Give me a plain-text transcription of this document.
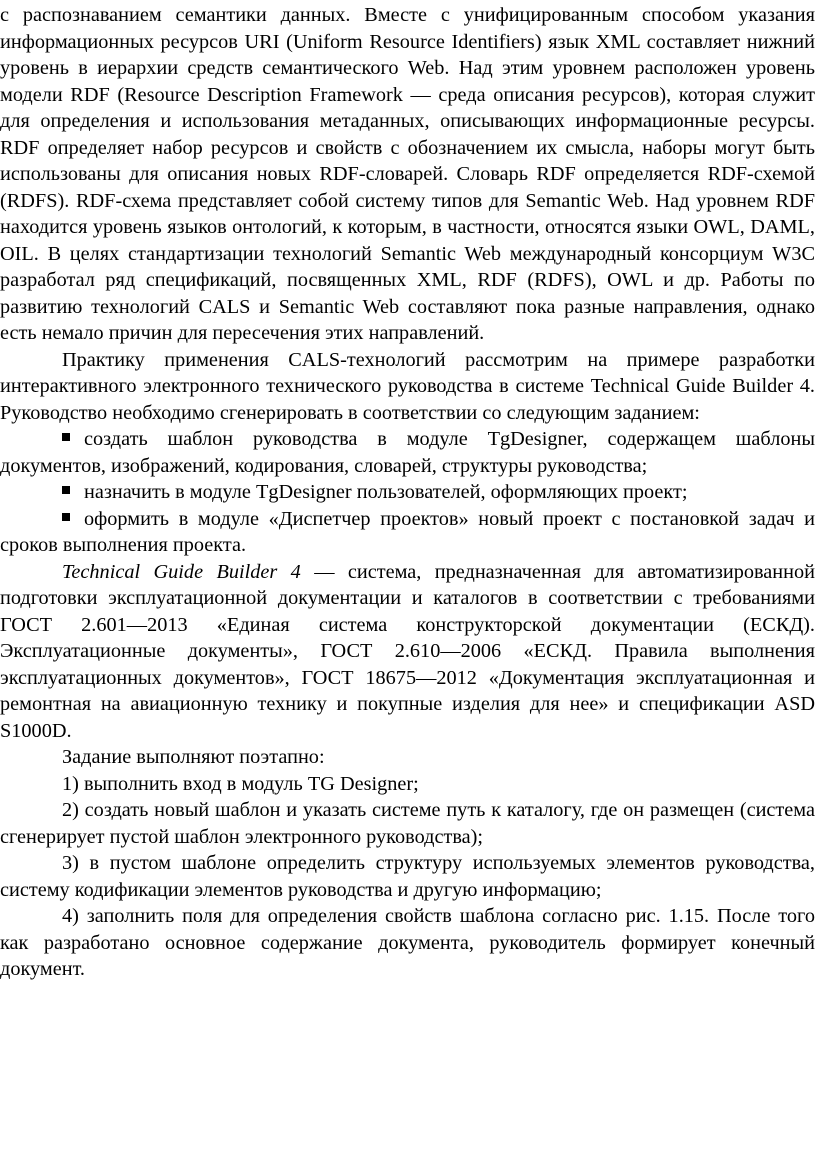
с распознаванием семантики данных. Вместе с унифицированным способом указания информационных ресурсов URI (Uniform Resource Identifiers) язык XML составляет нижний уровень в иерархии средств семантического Web. Над этим уровнем расположен уровень модели RDF (Resource Description Framework — среда описания ресурсов), которая служит для определения и использования метаданных, описывающих информационные ресурсы. RDF определяет набор ресурсов и свойств с обозначением их смысла, наборы могут быть использованы для описания новых RDF-словарей. Словарь RDF определяется RDF-схемой (RDFS). RDF-схема представляет собой систему типов для Semantic Web. Над уровнем RDF находится уровень языков онтологий, к которым, в частности, относятся языки OWL, DAML, OIL. В целях стандартизации технологий Semantic Web международный консорциум W3C разработал ряд спецификаций, посвященных XML, RDF (RDFS), OWL и др. Работы по развитию технологий CALS и Semantic Web составляют пока разные направления, однако есть немало причин для пересечения этих направлений.

Практику применения CALS-технологий рассмотрим на примере разработки интерактивного электронного технического руководства в системе Technical Guide Builder 4. Руководство необходимо сгенерировать в соответствии со следующим заданием:

создать шаблон руководства в модуле TgDesigner, содержащем шаблоны документов, изображений, кодирования, словарей, структуры руководства;

назначить в модуле TgDesigner пользователей, оформляющих проект;

оформить в модуле «Диспетчер проектов» новый проект с постановкой задач и сроков выполнения проекта.

Technical Guide Builder 4 — система, предназначенная для автоматизированной подготовки эксплуатационной документации и каталогов в соответствии с требованиями ГОСТ 2.601—2013 «Единая система конструкторской документации (ЕСКД). Эксплуатационные документы», ГОСТ 2.610—2006 «ЕСКД. Правила выполнения эксплуатационных документов», ГОСТ 18675—2012 «Документация эксплуатационная и ремонтная на авиационную технику и покупные изделия для нее» и спецификации ASD S1000D.

Задание выполняют поэтапно:

1) выполнить вход в модуль TG Designer;

2) создать новый шаблон и указать системе путь к каталогу, где он размещен (система сгенерирует пустой шаблон электронного руководства);

3) в пустом шаблоне определить структуру используемых элементов руководства, систему кодификации элементов руководства и другую информацию;

4) заполнить поля для определения свойств шаблона согласно рис. 1.15. После того как разработано основное содержание документа, руководитель формирует конечный документ.
